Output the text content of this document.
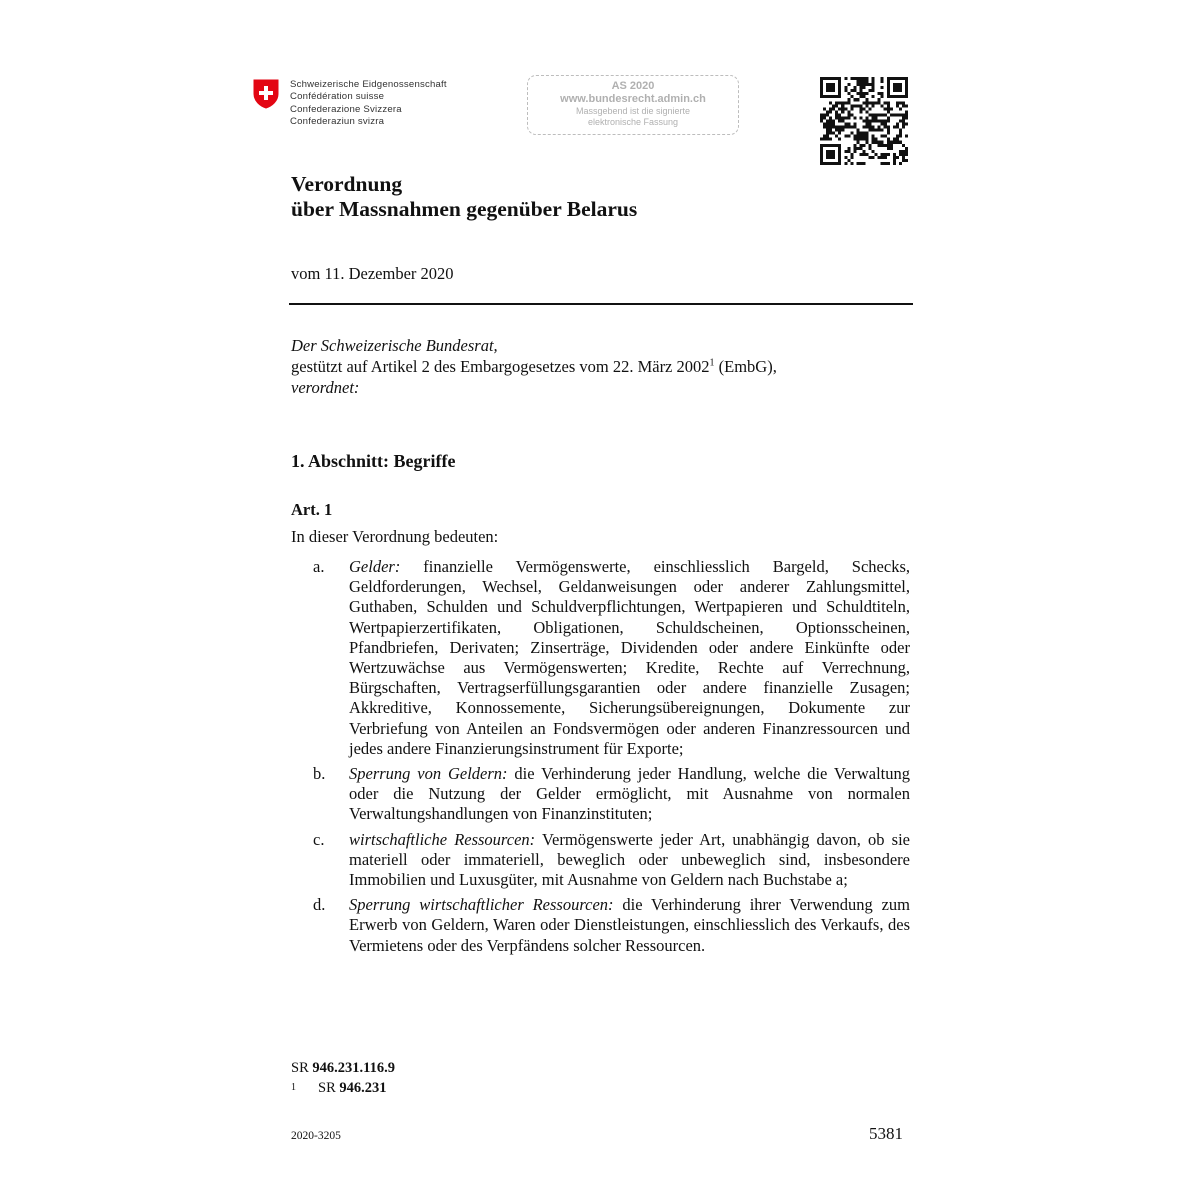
Schweizerische Eidgenossenschaft
Confédération suisse
Confederazione Svizzera
Confederaziun svizra
AS 2020
www.bundesrecht.admin.ch
Massgebend ist die signierte
elektronische Fassung
Verordnung
über Massnahmen gegenüber Belarus
vom 11. Dezember 2020
Der Schweizerische Bundesrat,
gestützt auf Artikel 2 des Embargogesetzes vom 22. März 2002$^1$ (EmbG),
verordnet:
1. Abschnitt: Begriffe
Art. 1
In dieser Verordnung bedeuten:
a. Gelder: finanzielle Vermögenswerte, einschliesslich Bargeld, Schecks, Geldforderungen, Wechsel, Geldanweisungen oder anderer Zahlungsmittel, Guthaben, Schulden und Schuldverpflichtungen, Wertpapieren und Schuldtiteln, Wertpapierzertifikaten, Obligationen, Schuldscheinen, Optionsscheinen, Pfandbriefen, Derivaten; Zinserträge, Dividenden oder andere Einkünfte oder Wertzuwächse aus Vermögenswerten; Kredite, Rechte auf Verrechnung, Bürgschaften, Vertragserfüllungsgarantien oder andere finanzielle Zusagen; Akkreditive, Konnossemente, Sicherungsübereignungen, Dokumente zur Verbriefung von Anteilen an Fondsvermögen oder anderen Finanzressourcen und jedes andere Finanzierungsinstrument für Exporte;
b. Sperrung von Geldern: die Verhinderung jeder Handlung, welche die Verwaltung oder die Nutzung der Gelder ermöglicht, mit Ausnahme von normalen Verwaltungshandlungen von Finanzinstituten;
c. wirtschaftliche Ressourcen: Vermögenswerte jeder Art, unabhängig davon, ob sie materiell oder immateriell, beweglich oder unbeweglich sind, insbesondere Immobilien und Luxusgüter, mit Ausnahme von Geldern nach Buchstabe a;
d. Sperrung wirtschaftlicher Ressourcen: die Verhinderung ihrer Verwendung zum Erwerb von Geldern, Waren oder Dienstleistungen, einschliesslich des Verkaufs, des Vermietens oder des Verpfändens solcher Ressourcen.
SR 946.231.116.9
$^1$ SR 946.231
2020-3205	5381
